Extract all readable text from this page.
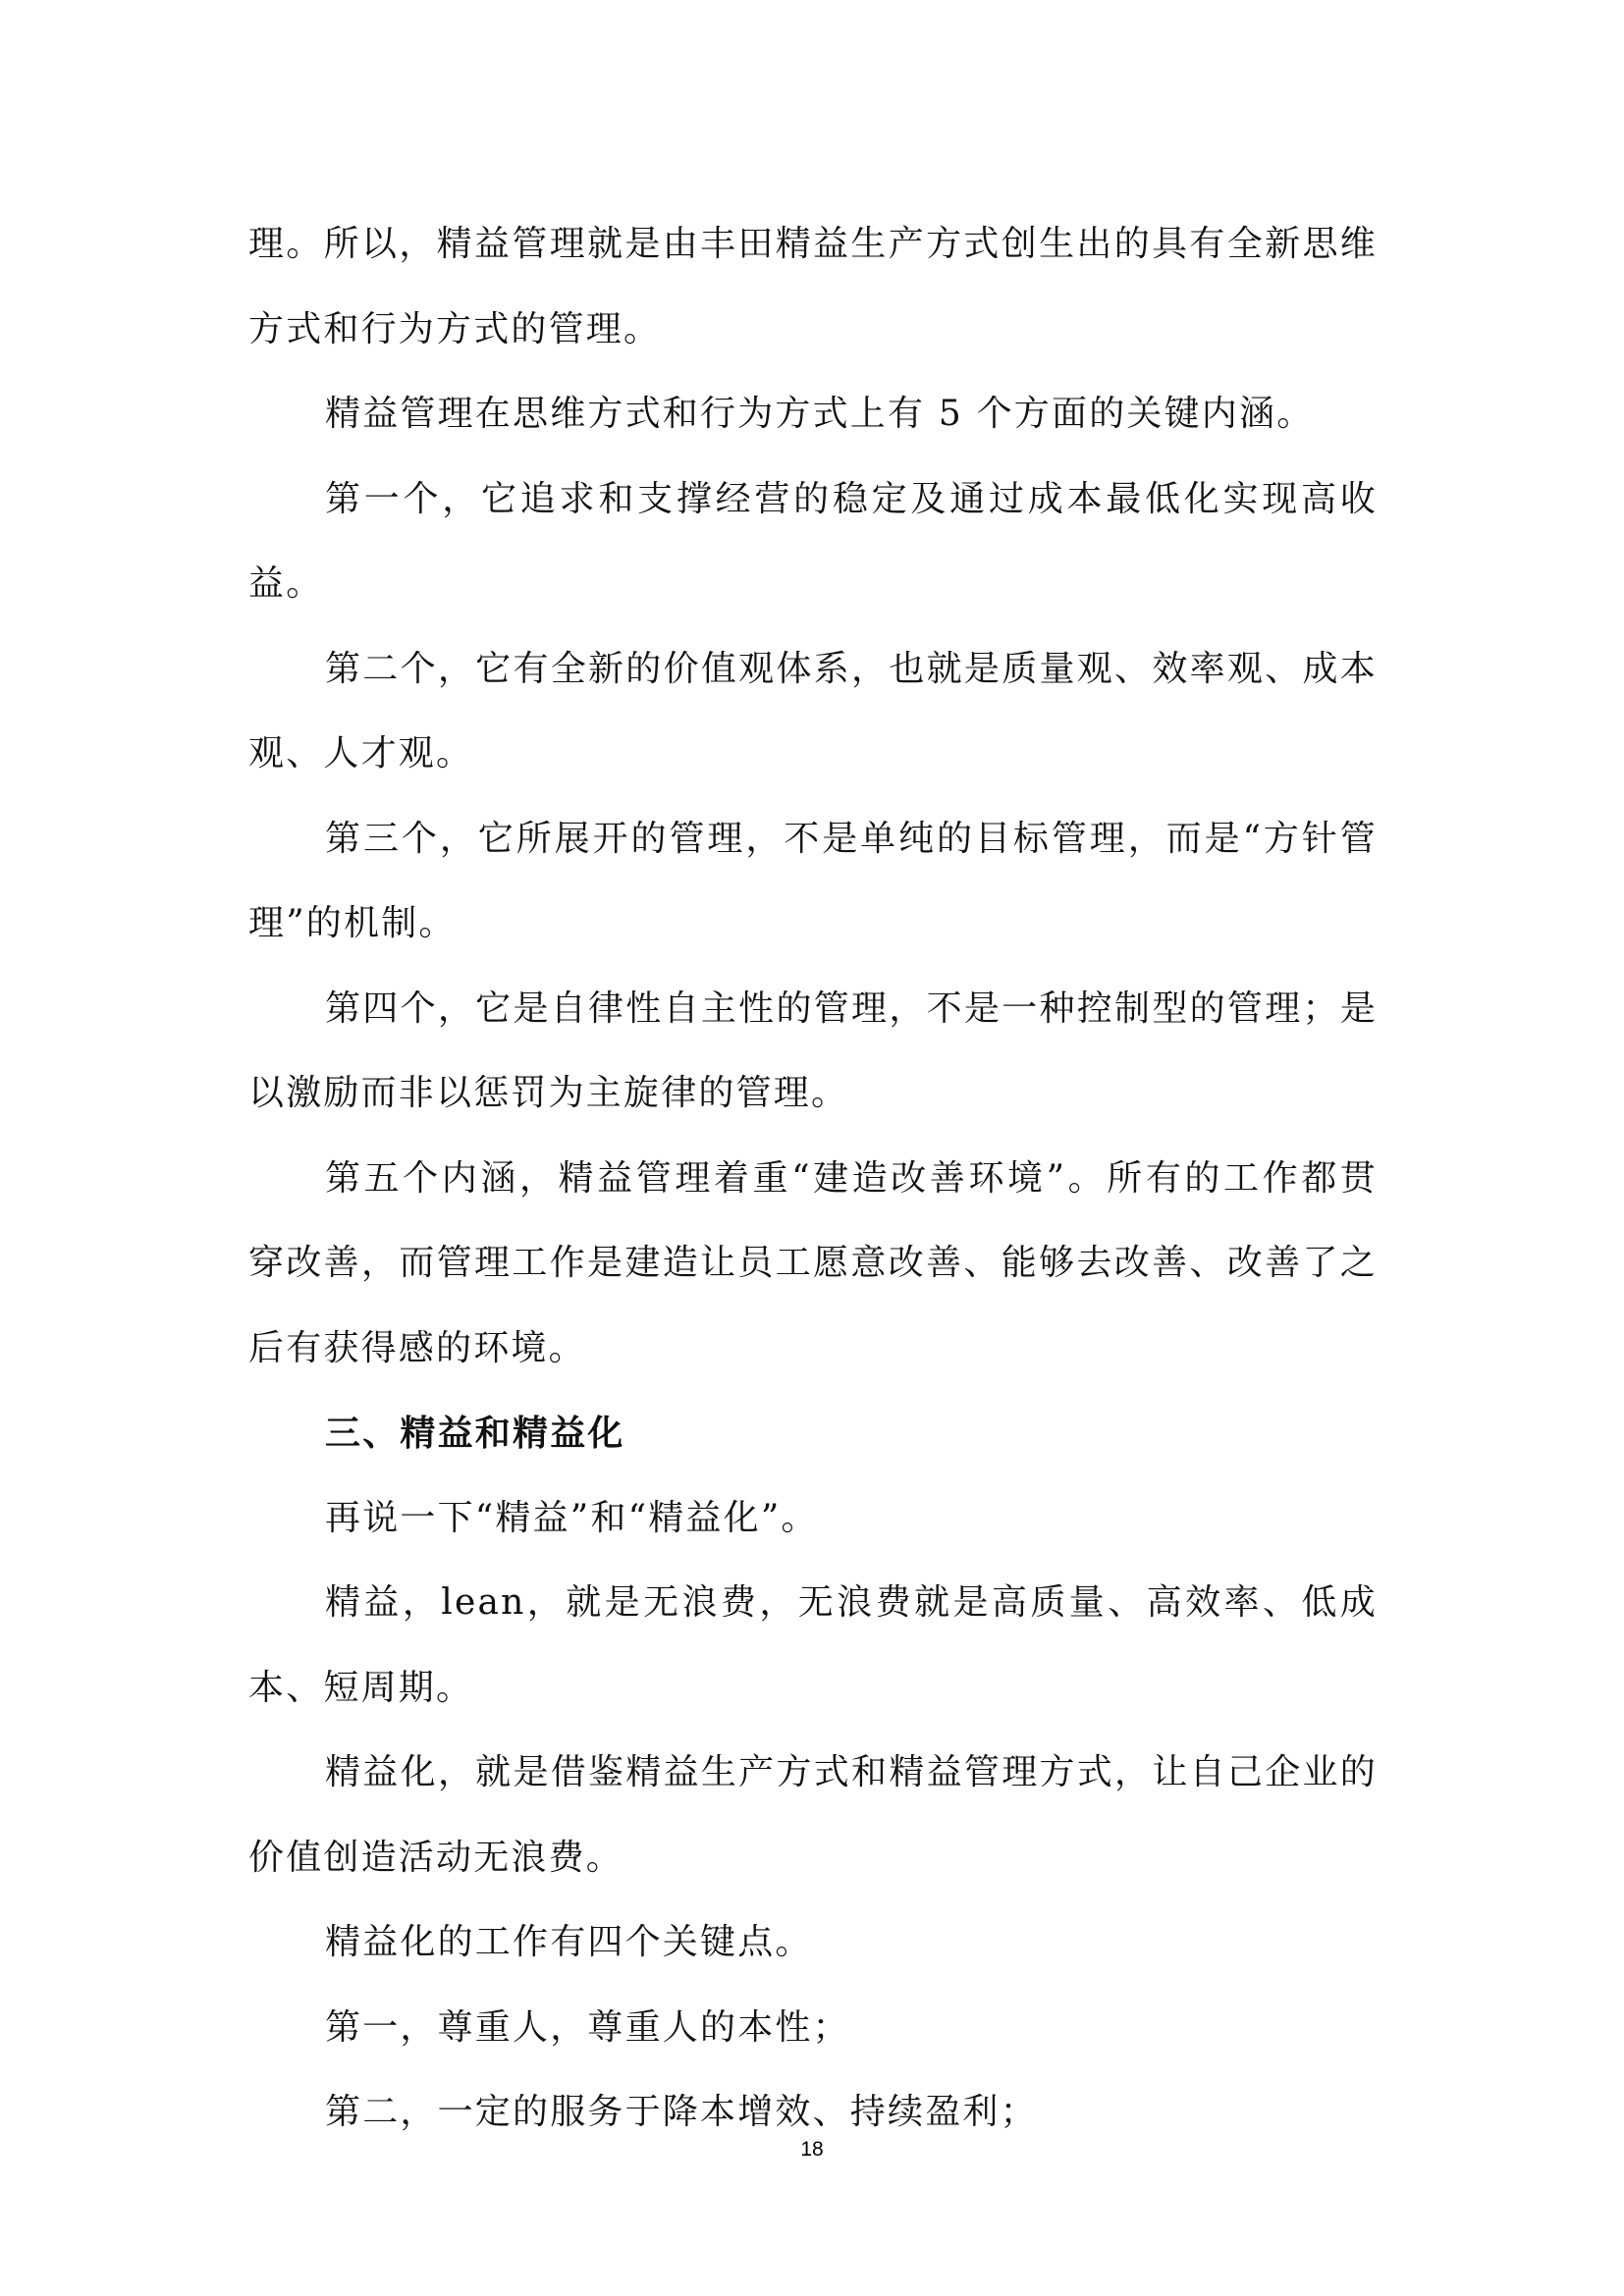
理。所以，精益管理就是由丰田精益生产方式创生出的具有全新思维方式和行为方式的管理。

精益管理在思维方式和行为方式上有 5 个方面的关键内涵。

第一个，它追求和支撑经营的稳定及通过成本最低化实现高收益。

第二个，它有全新的价值观体系，也就是质量观、效率观、成本观、人才观。

第三个，它所展开的管理，不是单纯的目标管理，而是“方针管理”的机制。

第四个，它是自律性自主性的管理，不是一种控制型的管理；是以激励而非以惩罚为主旋律的管理。

第五个内涵，精益管理着重“建造改善环境”。所有的工作都贯穿改善，而管理工作是建造让员工愿意改善、能够去改善、改善了之后有获得感的环境。

三、精益和精益化

再说一下“精益”和“精益化”。

精益，lean，就是无浪费，无浪费就是高质量、高效率、低成本、短周期。

精益化，就是借鉴精益生产方式和精益管理方式，让自己企业的价值创造活动无浪费。

精益化的工作有四个关键点。

第一，尊重人，尊重人的本性；

第二，一定的服务于降本增效、持续盈利；

18
